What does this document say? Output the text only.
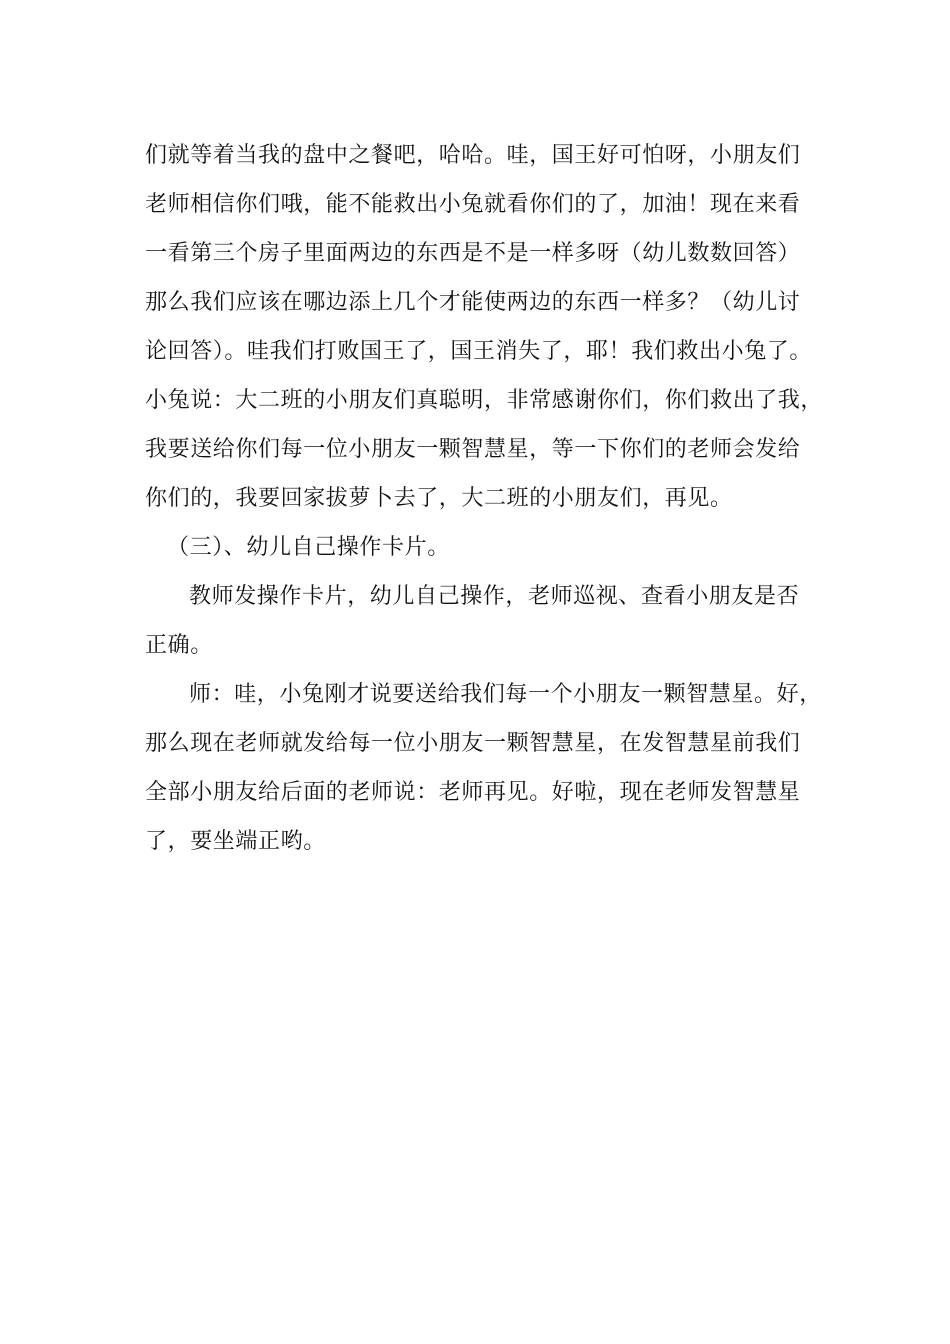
们就等着当我的盘中之餐吧，哈哈。哇，国王好可怕呀，小朋友们
老师相信你们哦，能不能救出小兔就看你们的了，加油！现在来看
一看第三个房子里面两边的东西是不是一样多呀（幼儿数数回答）
那么我们应该在哪边添上几个才能使两边的东西一样多？（幼儿讨
论回答）。哇我们打败国王了，国王消失了，耶！我们救出小兔了。
小兔说：大二班的小朋友们真聪明，非常感谢你们，你们救出了我，
我要送给你们每一位小朋友一颗智慧星，等一下你们的老师会发给
你们的，我要回家拔萝卜去了，大二班的小朋友们，再见。
（三）、幼儿自己操作卡片。
教师发操作卡片，幼儿自己操作，老师巡视、查看小朋友是否
正确。
师：哇，小兔刚才说要送给我们每一个小朋友一颗智慧星。好，
那么现在老师就发给每一位小朋友一颗智慧星，在发智慧星前我们
全部小朋友给后面的老师说：老师再见。好啦，现在老师发智慧星
了，要坐端正哟。
